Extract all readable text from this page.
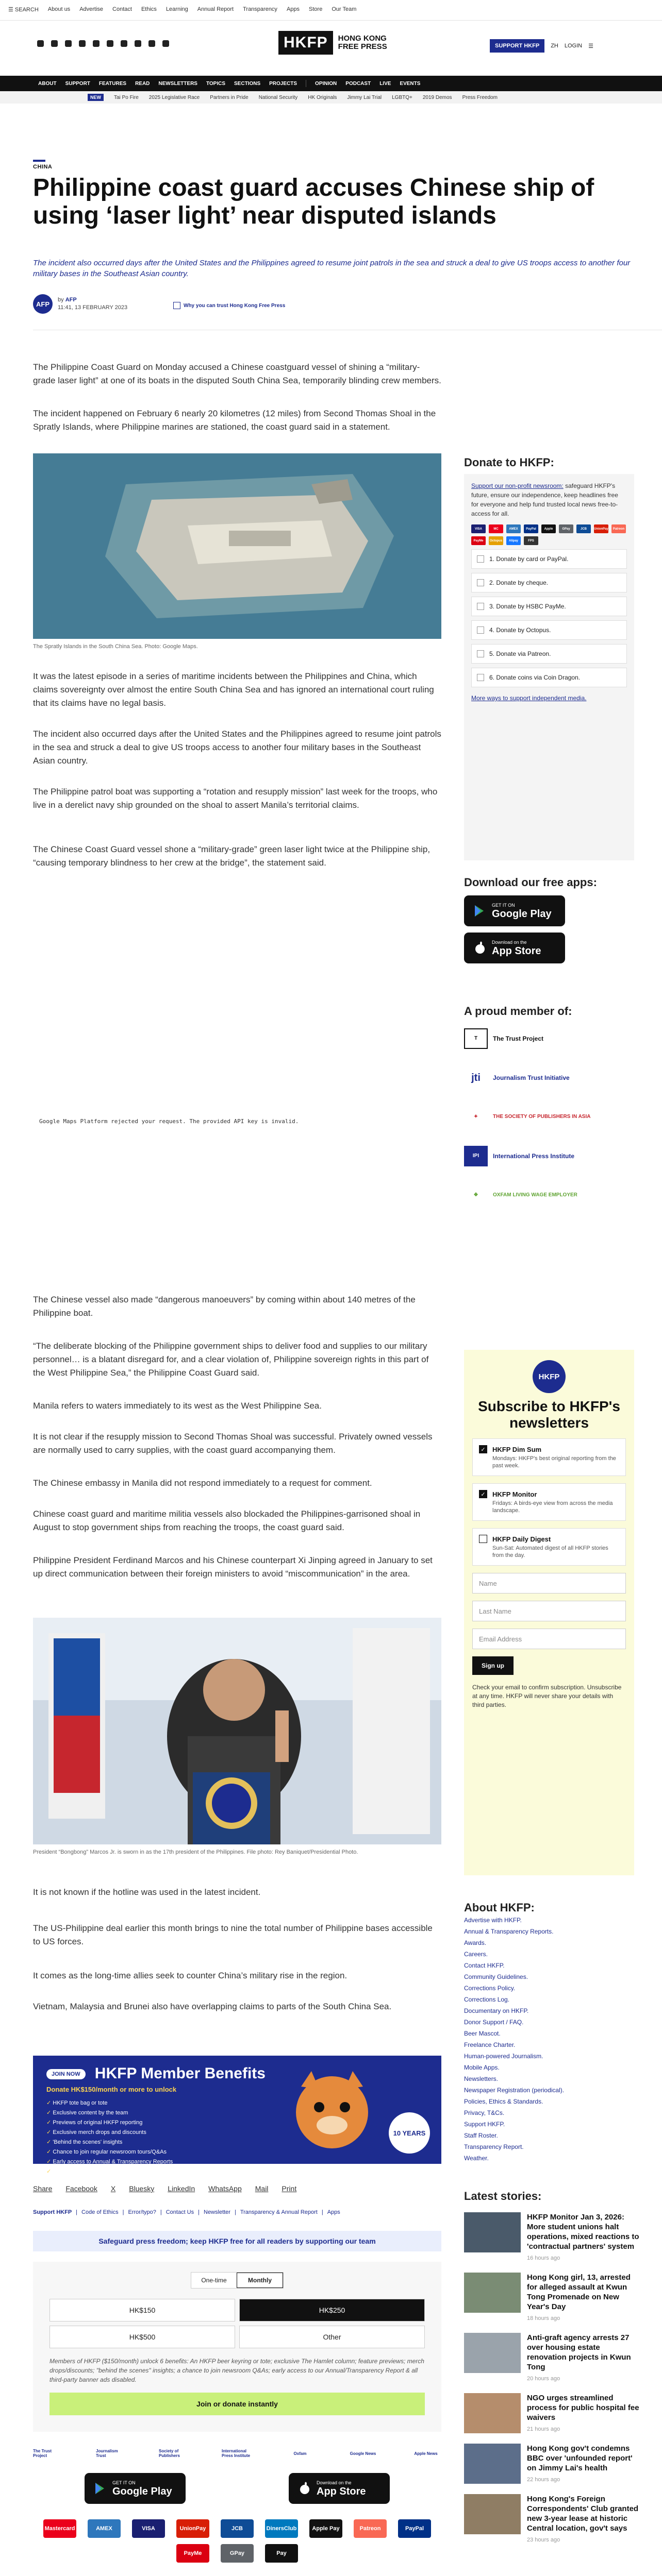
☰ SEARCH About us Advertise Contact Ethics Learning Annual Report Transparency Apps Store Our Team
HKFP	HONG KONG
FREE PRESS	SUPPORT HKFP	ZH LOGIN ☰
ABOUT SUPPORT FEATURES READ NEWSLETTERS TOPICS SECTIONS PROJECTS	OPINION PODCAST LIVE EVENTS
NEW	Tai Po Fire 2025 Legislative Race Partners in Pride National Security HK Originals Jimmy Lai Trial LGBTQ+ 2019 Demos Press Freedom
CHINA
Philippine coast guard accuses Chinese ship of using ‘laser light’ near disputed islands

The incident also occurred days after the United States and the Philippines agreed to resume joint patrols in the sea and struck a deal to give US troops access to another four military bases in the Southeast Asian country.

AFP
by AFP
11:41, 13 FEBRUARY 2023	Why you can trust Hong Kong Free Press

The Philippine Coast Guard on Monday accused a Chinese coastguard vessel of shining a “military-grade laser light” at one of its boats in the disputed South China Sea, temporarily blinding crew members.

The incident happened on February 6 nearly 20 kilometres (12 miles) from Second Thomas Shoal in the Spratly Islands, where Philippine marines are stationed, the coast guard said in a statement.

The Spratly Islands in the South China Sea. Photo: Google Maps.

It was the latest episode in a series of maritime incidents between the Philippines and China, which claims sovereignty over almost the entire South China Sea and has ignored an international court ruling that its claims have no legal basis.

The incident also occurred days after the United States and the Philippines agreed to resume joint patrols in the sea and struck a deal to give US troops access to another four military bases in the Southeast Asian country.

The Philippine patrol boat was supporting a “rotation and resupply mission” last week for the troops, who live in a derelict navy ship grounded on the shoal to assert Manila’s territorial claims.

The Chinese Coast Guard vessel shone a “military-grade” green laser light twice at the Philippine ship, “causing temporary blindness to her crew at the bridge”, the statement said.

Google Maps Platform rejected your request. The provided API key is invalid.

The Chinese vessel also made “dangerous manoeuvers” by coming within about 140 metres of the Philippine boat.

“The deliberate blocking of the Philippine government ships to deliver food and supplies to our military personnel… is a blatant disregard for, and a clear violation of, Philippine sovereign rights in this part of the West Philippine Sea,” the Philippine Coast Guard said.

Manila refers to waters immediately to its west as the West Philippine Sea.

It is not clear if the resupply mission to Second Thomas Shoal was successful. Privately owned vessels are normally used to carry supplies, with the coast guard accompanying them.

The Chinese embassy in Manila did not respond immediately to a request for comment.

Chinese coast guard and maritime militia vessels also blockaded the Philippines-garrisoned shoal in August to stop government ships from reaching the troops, the coast guard said.

Philippine President Ferdinand Marcos and his Chinese counterpart Xi Jinping agreed in January to set up direct communication between their foreign ministers to avoid “miscommunication” in the area.

President “Bongbong” Marcos Jr. is sworn in as the 17th president of the Philippines. File photo: Rey Baniquet/Presidential Photo.

It is not known if the hotline was used in the latest incident.

The US-Philippine deal earlier this month brings to nine the total number of Philippine bases accessible to US forces.

It comes as the long-time allies seek to counter China’s military rise in the region.

Vietnam, Malaysia and Brunei also have overlapping claims to parts of the South China Sea.

JOIN NOW HKFP Member Benefits
Donate HK$150/month or more to unlock
✓ HKFP tote bag or tote
✓ Exclusive content by the team
✓ Previews of original HKFP reporting
✓ Exclusive merch drops and discounts
✓ 'Behind the scenes' insights
✓ Chance to join regular newsroom tours/Q&As
✓ Early access to Annual & Transparency Reports
✓ All third-party banner ads disabled
10 YEARS
Share Facebook X Bluesky LinkedIn WhatsApp Mail Print
Support HKFP | Code of Ethics | Error/typo? | Contact Us | Newsletter | Transparency & Annual Report | Apps
Safeguard press freedom; keep HKFP free for all readers by supporting our team
One-time	Monthly
HK$150	HK$250
HK$500	Other

Members of HKFP ($150/month) unlock 6 benefits: An HKFP beer keyring or tote; exclusive The Hamlet column; feature previews; merch drops/discounts; "behind the scenes" insights; a chance to join newsroom Q&As; early access to our Annual/Transparency Report & all third-party banner ads disabled.

Join or donate instantly
The Trust Project
Journalism Trust
Society of Publishers
International Press Institute	Oxfam	Google News	Apple News
GET IT ON
Google Play
Download on the
App Store
Mastercard	AMEX	VISA	UnionPay	JCB	DinersClub	Apple Pay	Patreon	PayPal
PayMe	GPay	Pay

Donate to HKFP:

Support our non-profit newsroom: safeguard HKFP's future, ensure our independence, keep headlines free for everyone and help fund trusted local news free-to-access for all.

VISA	MC	AMEX	PayPal	Apple	GPay	JCB	UnionPay	Patreon
PayMe	Octopus	Alipay	FPS
1. Donate by card or PayPal.
2. Donate by cheque.
3. Donate by HSBC PayMe.
4. Donate by Octopus.
5. Donate via Patreon.
6. Donate coins via Coin Dragon.
More ways to support independent media.
Download our free apps:
GET IT ON
Google Play
Download on the
App Store
A proud member of:
T	The Trust Project
jti	Journalism Trust Initiative
✦	THE SOCIETY OF PUBLISHERS IN ASIA
IPI	International Press Institute
❖	OXFAM LIVING WAGE EMPLOYER
HKFP
Subscribe to HKFP's newsletters
✓ HKFP Dim Sum

Mondays: HKFP's best original reporting from the past week.

✓ HKFP Monitor

Fridays: A birds-eye view from across the media landscape.

HKFP Daily Digest

Sun-Sat: Automated digest of all HKFP stories from the day.

Name
Last Name
Email Address
Sign up

Check your email to confirm subscription. Unsubscribe at any time. HKFP will never share your details with third parties.

About HKFP:
Advertise with HKFP.
Annual & Transparency Reports.
Awards.
Careers.
Contact HKFP.
Community Guidelines.
Corrections Policy.
Corrections Log.
Documentary on HKFP.
Donor Support / FAQ.
Beer Mascot.
Freelance Charter.
Human-powered Journalism.
Mobile Apps.
Newsletters.
Newspaper Registration (periodical).
Policies, Ethics & Standards.
Privacy, T&Cs.
Support HKFP.
Staff Roster.
Transparency Report.
Weather.
Latest stories:
HKFP Monitor Jan 3, 2026: More student unions halt operations, mixed reactions to 'contractual partners' system
16 hours ago
Hong Kong girl, 13, arrested for alleged assault at Kwun Tong Promenade on New Year's Day
18 hours ago
Anti-graft agency arrests 27 over housing estate renovation projects in Kwun Tong
20 hours ago
NGO urges streamlined process for public hospital fee waivers
21 hours ago
Hong Kong gov't condemns BBC over 'unfounded report' on Jimmy Lai's health
22 hours ago
Hong Kong's Foreign Correspondents' Club granted new 3-year lease at historic Central location, gov't says
23 hours ago
